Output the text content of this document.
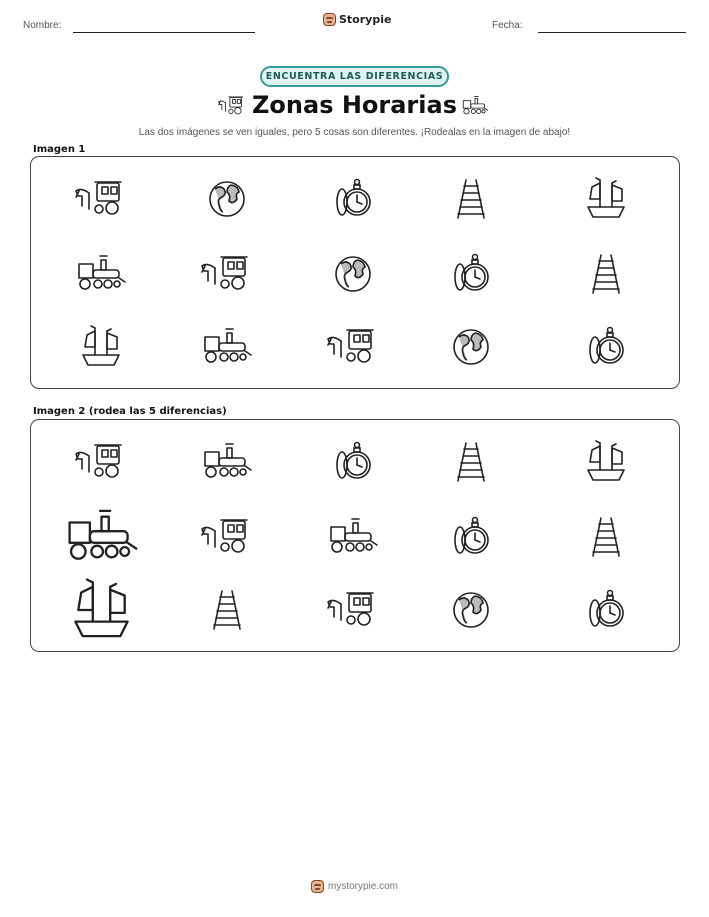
Nombre:	Storypie	Fecha:
ENCUENTRA LAS DIFERENCIAS
Zonas Horarias
Las dos imágenes se ven iguales, pero 5 cosas son diferentes. ¡Rodealas en la imagen de abajo!
Imagen 1
Imagen 2 (rodea las 5 diferencias)
mystorypie.com
